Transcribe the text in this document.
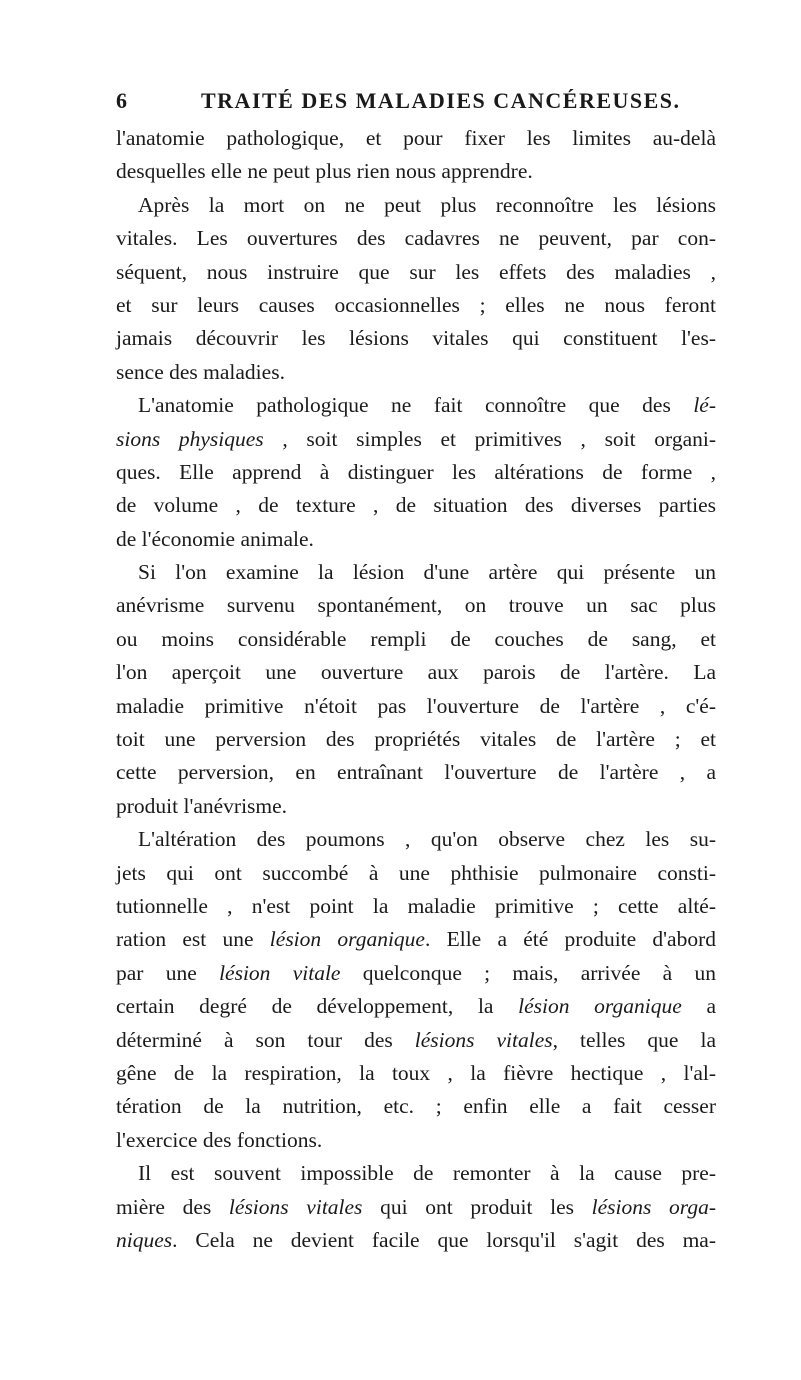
6	TRAITÉ DES MALADIES CANCÉREUSES.
l'anatomie pathologique, et pour fixer les limites au-delà
desquelles elle ne peut plus rien nous apprendre.
Après la mort on ne peut plus reconnoître les lésions
vitales. Les ouvertures des cadavres ne peuvent, par con-
séquent, nous instruire que sur les effets des maladies ,
et sur leurs causes occasionnelles ; elles ne nous feront
jamais découvrir les lésions vitales qui constituent l'es-
sence des maladies.
L'anatomie pathologique ne fait connoître que des lé-
sions physiques , soit simples et primitives , soit organi-
ques. Elle apprend à distinguer les altérations de forme ,
de volume , de texture , de situation des diverses parties
de l'économie animale.
Si l'on examine la lésion d'une artère qui présente un
anévrisme survenu spontanément, on trouve un sac plus
ou moins considérable rempli de couches de sang, et
l'on aperçoit une ouverture aux parois de l'artère. La
maladie primitive n'étoit pas l'ouverture de l'artère , c'é-
toit une perversion des propriétés vitales de l'artère ; et
cette perversion, en entraînant l'ouverture de l'artère , a
produit l'anévrisme.
L'altération des poumons , qu'on observe chez les su-
jets qui ont succombé à une phthisie pulmonaire consti-
tutionnelle , n'est point la maladie primitive ; cette alté-
ration est une lésion organique. Elle a été produite d'abord
par une lésion vitale quelconque ; mais, arrivée à un
certain degré de développement, la lésion organique a
déterminé à son tour des lésions vitales, telles que la
gêne de la respiration, la toux , la fièvre hectique , l'al-
tération de la nutrition, etc. ; enfin elle a fait cesser
l'exercice des fonctions.
Il est souvent impossible de remonter à la cause pre-
mière des lésions vitales qui ont produit les lésions orga-
niques. Cela ne devient facile que lorsqu'il s'agit des ma-
